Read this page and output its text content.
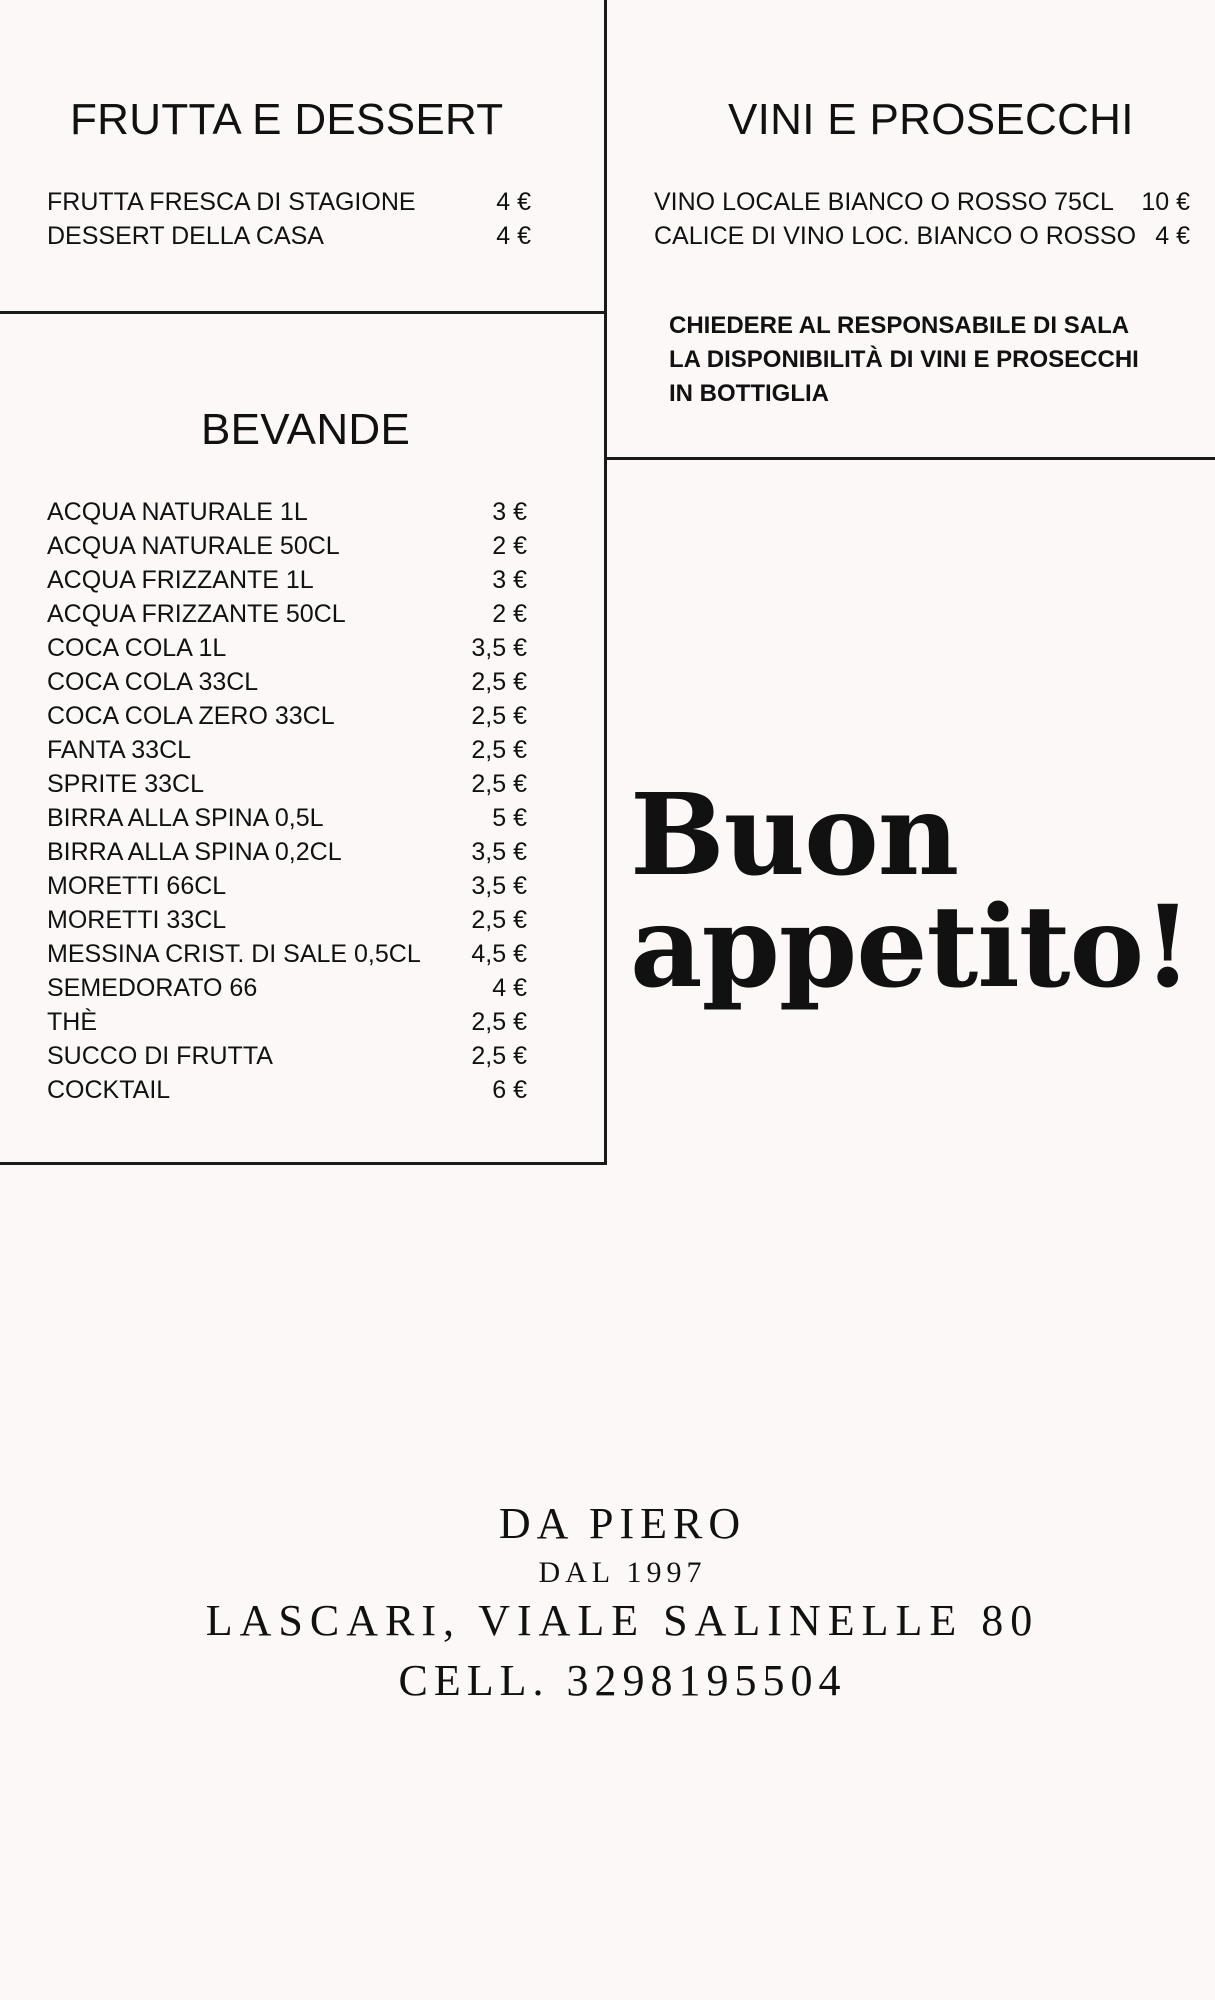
FRUTTA E DESSERT
FRUTTA FRESCA DI STAGIONE	4 €
DESSERT DELLA CASA	4 €
VINI E PROSECCHI
VINO LOCALE BIANCO O ROSSO 75CL 10 €
CALICE DI VINO LOC. BIANCO O ROSSO 4 €

CHIEDERE AL RESPONSABILE DI SALA
LA DISPONIBILITÀ DI VINI E PROSECCHI
IN BOTTIGLIA

BEVANDE
ACQUA NATURALE 1L	3 €
ACQUA NATURALE 50CL	2 €
ACQUA FRIZZANTE 1L	3 €
ACQUA FRIZZANTE 50CL	2 €
COCA COLA 1L	3,5 €
COCA COLA 33CL	2,5 €
COCA COLA ZERO 33CL	2,5 €
FANTA 33CL	2,5 €
SPRITE 33CL	2,5 €
BIRRA ALLA SPINA 0,5L	5 €
BIRRA ALLA SPINA 0,2CL	3,5 €
MORETTI 66CL	3,5 €
MORETTI 33CL	2,5 €
MESSINA CRIST. DI SALE 0,5CL 4,5 €
SEMEDORATO 66	4 €
THÈ	2,5 €
SUCCO DI FRUTTA	2,5 €
COCKTAIL	6 €
Buon
appetito!
DA PIERO
DAL 1997
LASCARI, VIALE SALINELLE 80
CELL. 3298195504
